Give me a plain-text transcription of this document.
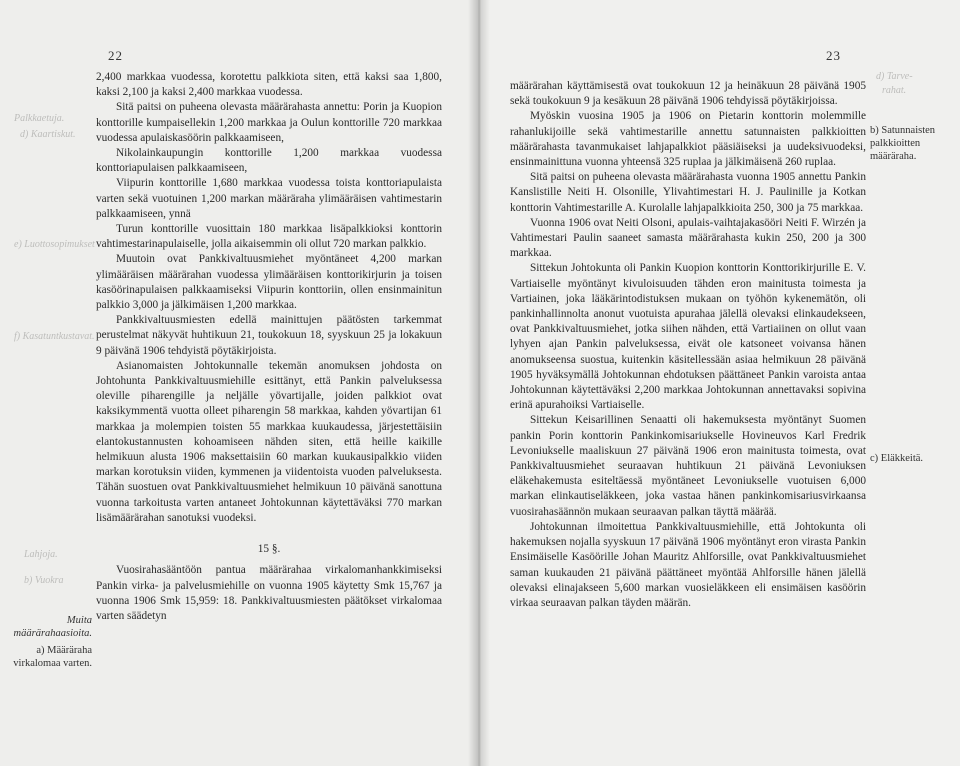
22
Palkkaetuja.
d) Kaartiskut.
e) Luottosopimukset
f) Kasatuntkustavat.
Lahjoja.
b) Vuokra
Muita määrärahaasioita.
a) Määräraha virkalomaa varten.

2,400 markkaa vuodessa, korotettu palkkiota siten, että kaksi saa 1,800, kaksi 2,100 ja kaksi 2,400 markkaa vuodessa.

Sitä paitsi on puheena olevasta määrärahasta annettu: Porin ja Kuopion konttorille kumpaisellekin 1,200 markkaa ja Oulun konttorille 720 markkaa vuodessa apulaiskasöörin palkkaamiseen,

Nikolainkaupungin konttorille 1,200 markkaa vuodessa konttoriapulaisen palkkaamiseen,

Viipurin konttorille 1,680 markkaa vuodessa toista konttoriapulaista varten sekä vuotuinen 1,200 markan määräraha ylimääräisen vahtimestarin palkkaamiseen, ynnä

Turun konttorille vuosittain 180 markkaa lisäpalkkioksi konttorin vahtimestarinapulaiselle, jolla aikaisemmin oli ollut 720 markan palkkio.

Muutoin ovat Pankkivaltuusmiehet myöntäneet 4,200 markan ylimääräisen määrärahan vuodessa ylimääräisen konttorikirjurin ja toisen kasöörinapulaisen palkkaamiseksi Viipurin konttoriin, ollen ensinmainitun palkkio 3,000 ja jälkimäisen 1,200 markkaa.

Pankkivaltuusmiesten edellä mainittujen päätösten tarkemmat perustelmat näkyvät huhtikuun 21, toukokuun 18, syyskuun 25 ja lokakuun 9 päivänä 1906 tehdyistä pöytäkirjoista.

Asianomaisten Johtokunnalle tekemän anomuksen johdosta on Johtohunta Pankkivaltuusmiehille esittänyt, että Pankin palveluksessa oleville piharengille ja neljälle yövartijalle, joiden palkkiot ovat kaksikymmentä vuotta olleet piharengin 58 markkaa, kahden yövartijan 61 markkaa ja molempien toisten 55 markkaa kuukaudessa, järjestettäisiin elantokustannusten kohoamiseen nähden siten, että heille kaikille helmikuun alusta 1906 maksettaisiin 60 markan kuukausipalkkio viiden markan korotuksin viiden, kymmenen ja viidentoista vuoden palveluksesta. Tähän suostuen ovat Pankkivaltuusmiehet helmikuun 10 päivänä sanottuna vuonna tarkoitusta varten antaneet Johtokunnan käytettäväksi 770 markan lisämäärärahan sanotuksi vuodeksi.

15 §.

Vuosirahasääntöön pantua määrärahaa virkalomanhankkimiseksi Pankin virka- ja palvelusmiehille on vuonna 1905 käytetty Smk 15,767 ja vuonna 1906 Smk 15,959: 18. Pankkivaltuusmiesten päätökset virkalomaa varten säädetyn

23
d) Tarve-
rahat.
b) Satunnaisten palkkioitten määräraha.
c) Eläkkeitä.

määrärahan käyttämisestä ovat toukokuun 12 ja heinäkuun 28 päivänä 1905 sekä toukokuun 9 ja kesäkuun 28 päivänä 1906 tehdyissä pöytäkirjoissa.

Myöskin vuosina 1905 ja 1906 on Pietarin konttorin molemmille rahanlukijoille sekä vahtimestarille annettu satunnaisten palkkioitten määrärahasta tavanmukaiset lahjapalkkiot pääsiäiseksi ja uudeksivuodeksi, ensinmainittuna vuonna yhteensä 325 ruplaa ja jälkimäisenä 260 ruplaa.

Sitä paitsi on puheena olevasta määrärahasta vuonna 1905 annettu Pankin Kanslistille Neiti H. Olsonille, Ylivahtimestari H. J. Paulinille ja Kotkan konttorin Vahtimestarille A. Kurolalle lahjapalkkioita 250, 300 ja 75 markkaa.

Vuonna 1906 ovat Neiti Olsoni, apulais-vaihtajakasööri Neiti F. Wirzén ja Vahtimestari Paulin saaneet samasta määrärahasta kukin 250, 200 ja 300 markkaa.

Sittekun Johtokunta oli Pankin Kuopion konttorin Konttorikirjurille E. V. Vartiaiselle myöntänyt kivuloisuuden tähden eron mainitusta toimesta ja Vartiainen, joka lääkärintodistuksen mukaan on työhön kykenemätön, oli pankinhallinnolta anonut vuotuista apurahaa jälellä olevaksi elinkaudekseen, ovat Pankkivaltuusmiehet, jotka siihen nähden, että Vartiaiinen on ollut vaan lyhyen ajan Pankin palveluksessa, eivät ole katsoneet voivansa hänen anomukseensa suostua, kuitenkin käsitellessään asiaa helmikuun 28 päivänä 1905 hyväksymällä Johtokunnan ehdotuksen päättäneet Pankin varoista antaa Johtokunnan käytettäväksi 2,200 markkaa Johtokunnan annettavaksi sopivina erinä apurahoiksi Vartiaiselle.

Sittekun Keisarillinen Senaatti oli hakemuksesta myöntänyt Suomen pankin Porin konttorin Pankinkomisariukselle Hovineuvos Karl Fredrik Levoniukselle maaliskuun 27 päivänä 1906 eron mainitusta toimesta, ovat Pankkivaltuusmiehet seuraavan huhtikuun 21 päivänä Levoniuksen eläkehakemusta esiteltäessä myöntäneet Levoniukselle vuotuisen 6,000 markan elinkautiseläkkeen, joka vastaa hänen pankinkomisariusvirkaansa vuosirahasäännön mukaan seuraavan palkan täyttä määrää.

Johtokunnan ilmoitettua Pankkivaltuusmiehille, että Johtokunta oli hakemuksen nojalla syyskuun 17 päivänä 1906 myöntänyt eron virasta Pankin Ensimäiselle Kasöörille Johan Mauritz Ahlforsille, ovat Pankkivaltuusmiehet saman kuukauden 21 päivänä päättäneet myöntää Ahlforsille hänen jälellä olevaksi elinajakseen 5,600 markan vuosieläkkeen eli ensimäisen kasöörin virkaa seuraavan palkan täyden määrän.
